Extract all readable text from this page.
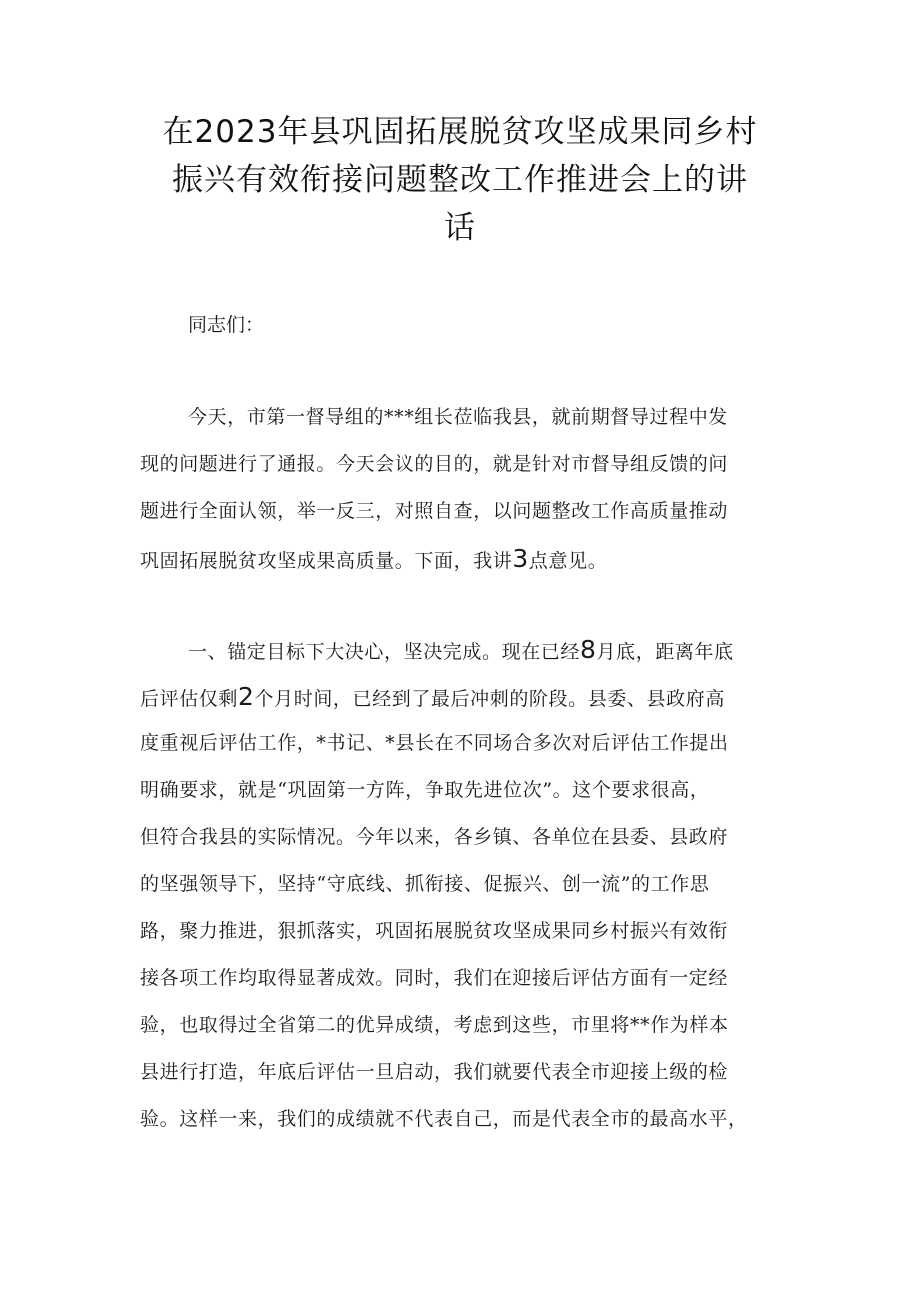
在2023年县巩固拓展脱贫攻坚成果同乡村
振兴有效衔接问题整改工作推进会上的讲
话
同志们：
今天，市第一督导组的***组长莅临我县，就前期督导过程中发
现的问题进行了通报。今天会议的目的，就是针对市督导组反馈的问
题进行全面认领，举一反三，对照自查，以问题整改工作高质量推动
巩固拓展脱贫攻坚成果高质量。下面，我讲3点意见。
一、锚定目标下大决心，坚决完成。现在已经8月底，距离年底
后评估仅剩2个月时间，已经到了最后冲刺的阶段。县委、县政府高
度重视后评估工作，*书记、*县长在不同场合多次对后评估工作提出
明确要求，就是“巩固第一方阵，争取先进位次”。这个要求很高，
但符合我县的实际情况。今年以来，各乡镇、各单位在县委、县政府
的坚强领导下，坚持“守底线、抓衔接、促振兴、创一流”的工作思
路，聚力推进，狠抓落实，巩固拓展脱贫攻坚成果同乡村振兴有效衔
接各项工作均取得显著成效。同时，我们在迎接后评估方面有一定经
验，也取得过全省第二的优异成绩，考虑到这些，市里将**作为样本
县进行打造，年底后评估一旦启动，我们就要代表全市迎接上级的检
验。这样一来，我们的成绩就不代表自己，而是代表全市的最高水平，
